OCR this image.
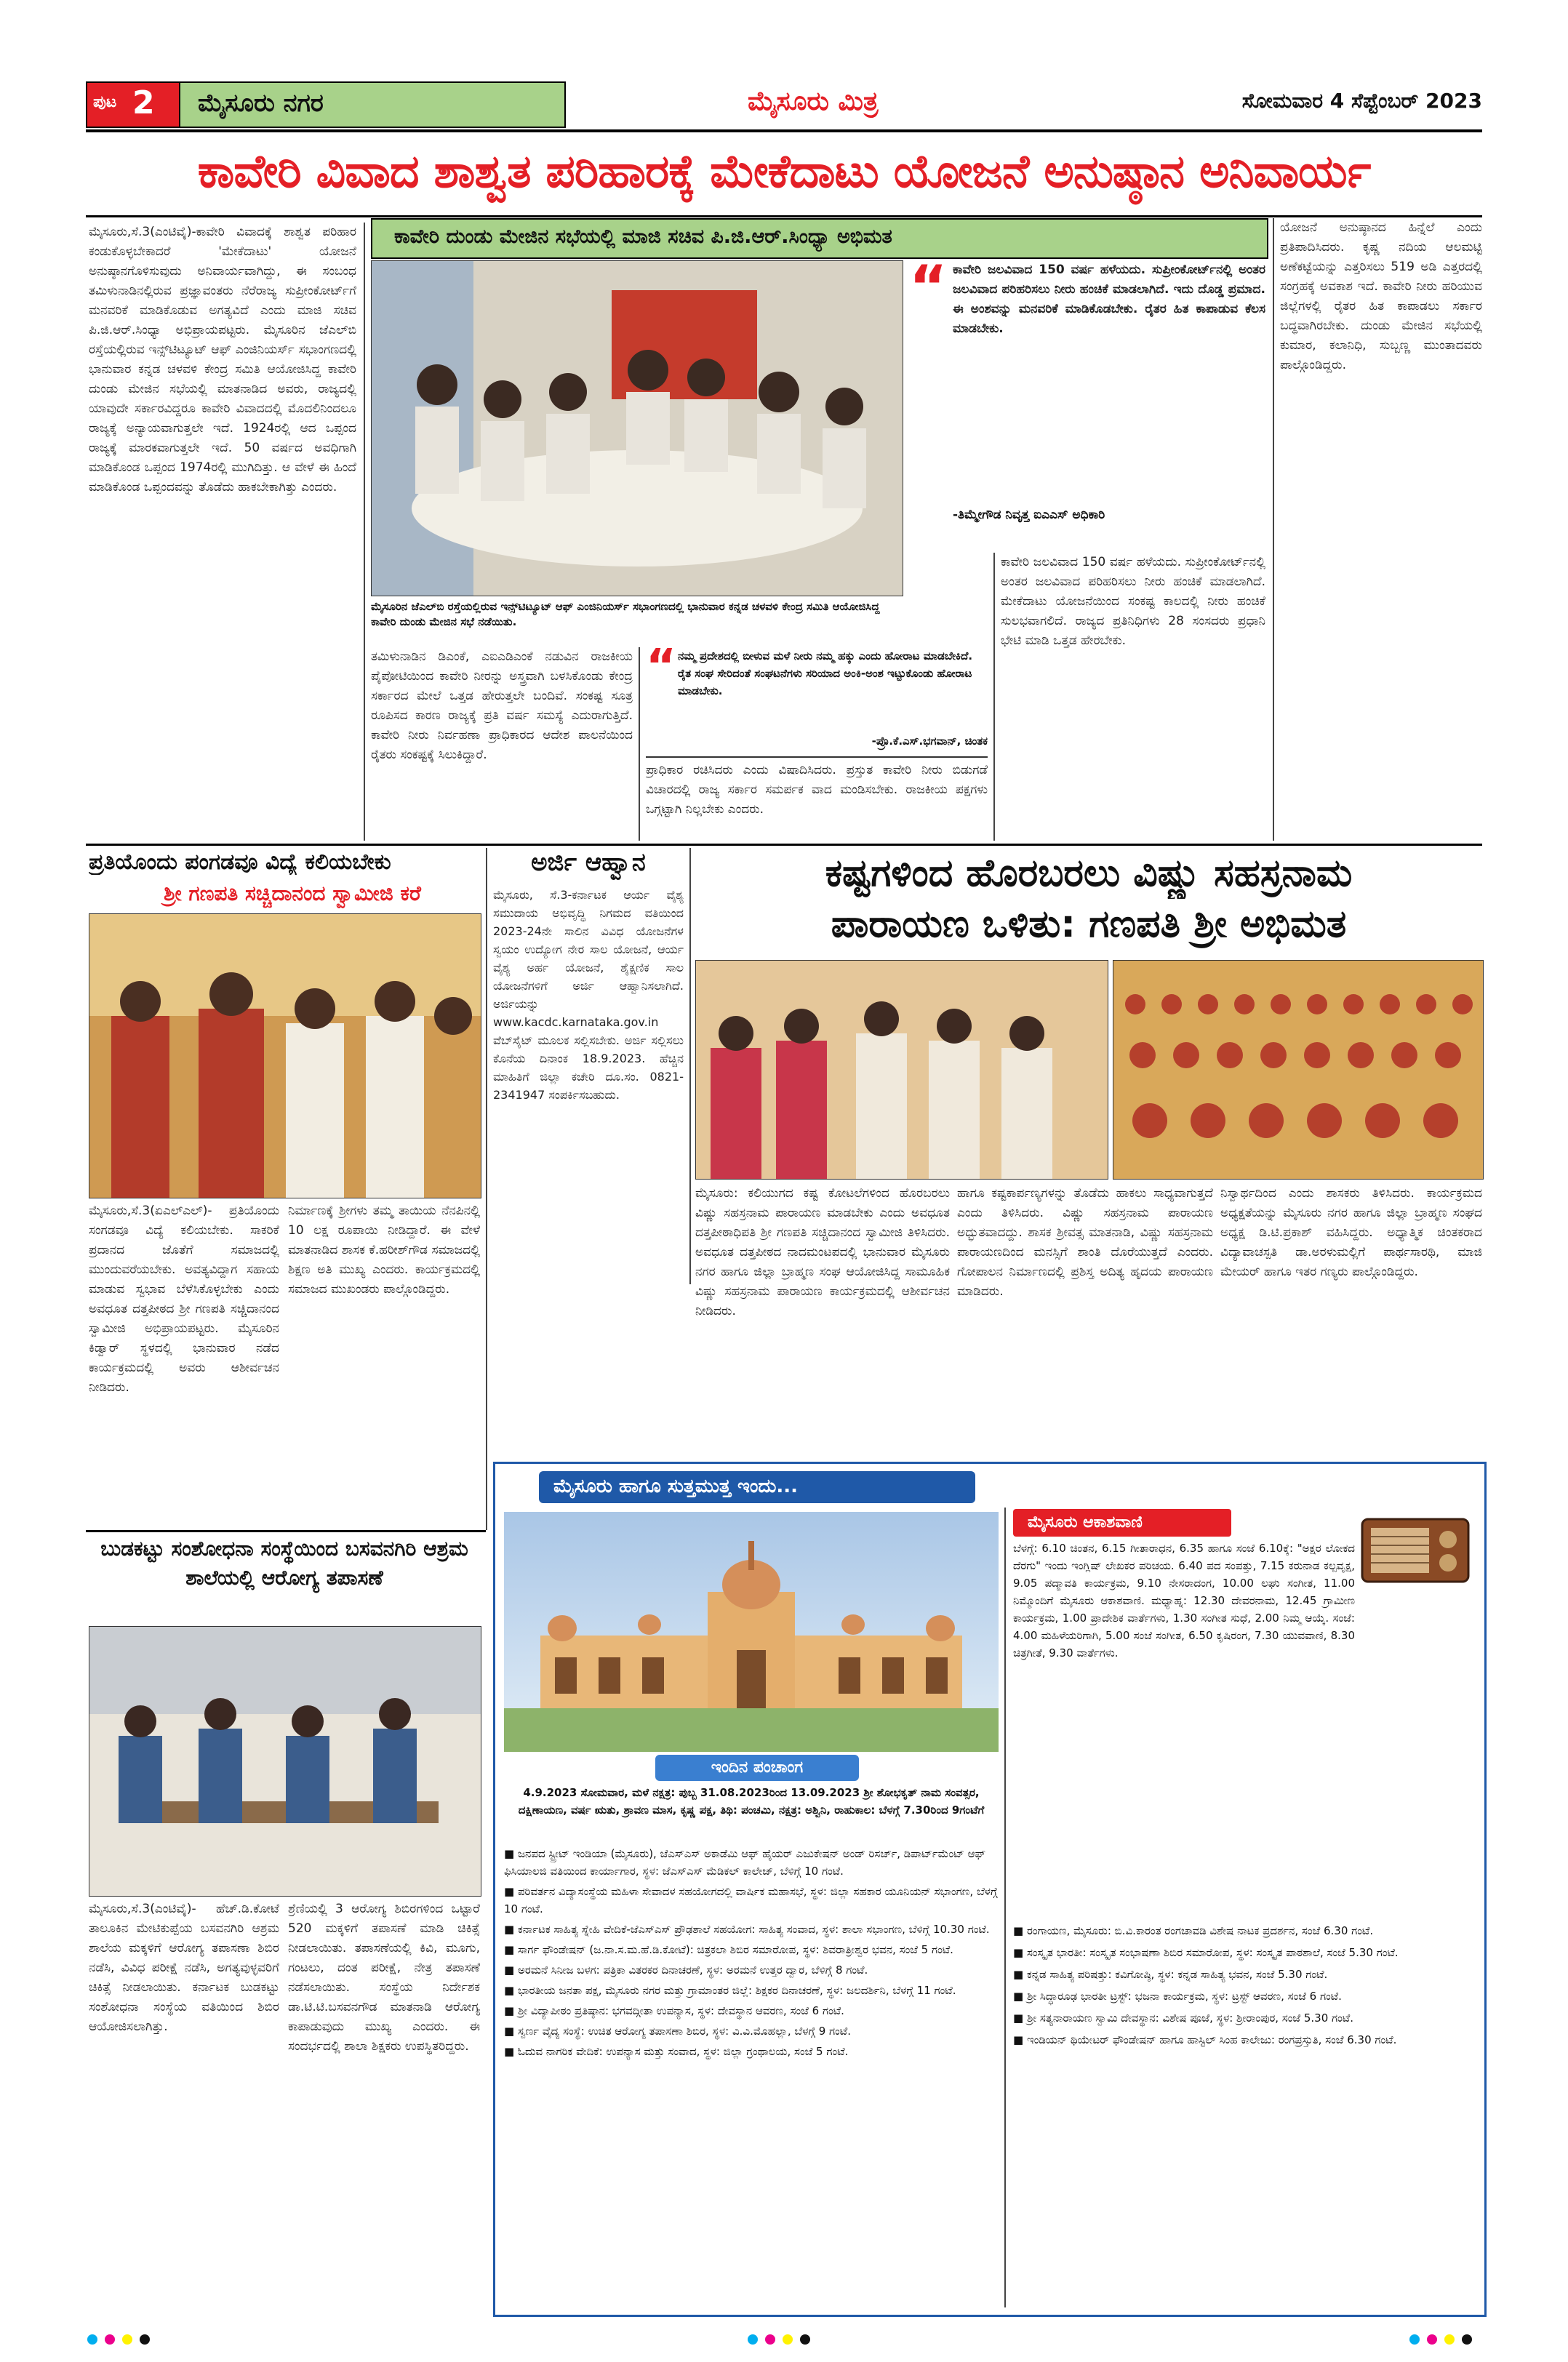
ಪುಟ 2 ಮೈಸೂರು ನಗರ	ಮೈಸೂರು ಮಿತ್ರ	ಸೋಮವಾರ 4 ಸೆಪ್ಟೆಂಬರ್ 2023
ಕಾವೇರಿ ವಿವಾದ ಶಾಶ್ವತ ಪರಿಹಾರಕ್ಕೆ ಮೇಕೆದಾಟು ಯೋಜನೆ ಅನುಷ್ಠಾನ ಅನಿವಾರ್ಯ
ಮೈಸೂರು,ಸೆ.3(ಎಂಟಿವೈ)-ಕಾವೇರಿ ವಿವಾದಕ್ಕೆ ಶಾಶ್ವತ ಪರಿಹಾರ ಕಂಡುಕೊಳ್ಳಬೇಕಾದರೆ 'ಮೇಕೆದಾಟು' ಯೋಜನೆ ಅನುಷ್ಠಾನಗೊಳಿಸುವುದು ಅನಿವಾರ್ಯವಾಗಿದ್ದು, ಈ ಸಂಬಂಧ ತಮಿಳುನಾಡಿನಲ್ಲಿರುವ ಪ್ರಜ್ಞಾವಂತರು ನೆರೆರಾಜ್ಯ ಸುಪ್ರೀಂಕೋರ್ಟ್‌ಗೆ ಮನವರಿಕೆ ಮಾಡಿಕೊಡುವ ಅಗತ್ಯವಿದೆ ಎಂದು ಮಾಜಿ ಸಚಿವ ಪಿ.ಜಿ.ಆರ್.ಸಿಂಧ್ಯಾ ಅಭಿಪ್ರಾಯಪಟ್ಟರು. ಮೈಸೂರಿನ ಜೆಎಲ್‌ಬಿ ರಸ್ತೆಯಲ್ಲಿರುವ ಇನ್ಸ್‌ಟಿಟ್ಯೂಟ್ ಆಫ್ ಎಂಜಿನಿಯರ್ಸ್ ಸಭಾಂಗಣದಲ್ಲಿ ಭಾನುವಾರ ಕನ್ನಡ ಚಳವಳಿ ಕೇಂದ್ರ ಸಮಿತಿ ಆಯೋಜಿಸಿದ್ದ ಕಾವೇರಿ ದುಂಡು ಮೇಜಿನ ಸಭೆಯಲ್ಲಿ ಮಾತನಾಡಿದ ಅವರು, ರಾಜ್ಯದಲ್ಲಿ ಯಾವುದೇ ಸರ್ಕಾರವಿದ್ದರೂ ಕಾವೇರಿ ವಿವಾದದಲ್ಲಿ ಮೊದಲಿನಿಂದಲೂ ರಾಜ್ಯಕ್ಕೆ ಅನ್ಯಾಯವಾಗುತ್ತಲೇ ಇದೆ. 1924ರಲ್ಲಿ ಆದ ಒಪ್ಪಂದ ರಾಜ್ಯಕ್ಕೆ ಮಾರಕವಾಗುತ್ತಲೇ ಇದೆ. 50 ವರ್ಷದ ಅವಧಿಗಾಗಿ ಮಾಡಿಕೊಂಡ ಒಪ್ಪಂದ 1974ರಲ್ಲಿ ಮುಗಿದಿತ್ತು. ಆ ವೇಳೆ ಈ ಹಿಂದೆ ಮಾಡಿಕೊಂಡ ಒಪ್ಪಂದವನ್ನು ತೊಡೆದು ಹಾಕಬೇಕಾಗಿತ್ತು ಎಂದರು.
ಕಾವೇರಿ ದುಂಡು ಮೇಜಿನ ಸಭೆಯಲ್ಲಿ ಮಾಜಿ ಸಚಿವ ಪಿ.ಜಿ.ಆರ್.ಸಿಂಧ್ಯಾ ಅಭಿಮತ
ಮೈಸೂರಿನ ಜೆಎಲ್‌ಬಿ ರಸ್ತೆಯಲ್ಲಿರುವ ಇನ್ಸ್‌ಟಿಟ್ಯೂಟ್ ಆಫ್ ಎಂಜಿನಿಯರ್ಸ್ ಸಭಾಂಗಣದಲ್ಲಿ ಭಾನುವಾರ ಕನ್ನಡ ಚಳವಳಿ ಕೇಂದ್ರ ಸಮಿತಿ ಆಯೋಜಿಸಿದ್ದ ಕಾವೇರಿ ದುಂಡು ಮೇಜಿನ ಸಭೆ ನಡೆಯಿತು.
“ ಕಾವೇರಿ ಜಲವಿವಾದ 150 ವರ್ಷ ಹಳೆಯದು. ಸುಪ್ರೀಂಕೋರ್ಟ್‌ನಲ್ಲಿ ಅಂತರ ಜಲವಿವಾದ ಪರಿಹರಿಸಲು ನೀರು ಹಂಚಿಕೆ ಮಾಡಲಾಗಿದೆ. ಇದು ದೊಡ್ಡ ಪ್ರಮಾದ. ಈ ಅಂಶವನ್ನು ಮನವರಿಕೆ ಮಾಡಿಕೊಡಬೇಕು. ರೈತರ ಹಿತ ಕಾಪಾಡುವ ಕೆಲಸ ಮಾಡಬೇಕು.
-ತಿಮ್ಮೇಗೌಡ ನಿವೃತ್ತ ಐಎಎಸ್ ಅಧಿಕಾರಿ
ತಮಿಳುನಾಡಿನ ಡಿಎಂಕೆ, ಎಐಎಡಿಎಂಕೆ ನಡುವಿನ ರಾಜಕೀಯ ಪೈಪೋಟಿಯಿಂದ ಕಾವೇರಿ ನೀರನ್ನು ಅಸ್ತ್ರವಾಗಿ ಬಳಸಿಕೊಂಡು ಕೇಂದ್ರ ಸರ್ಕಾರದ ಮೇಲೆ ಒತ್ತಡ ಹೇರುತ್ತಲೇ ಬಂದಿವೆ. ಸಂಕಷ್ಟ ಸೂತ್ರ ರೂಪಿಸದ ಕಾರಣ ರಾಜ್ಯಕ್ಕೆ ಪ್ರತಿ ವರ್ಷ ಸಮಸ್ಯೆ ಎದುರಾಗುತ್ತಿದೆ. ಕಾವೇರಿ ನೀರು ನಿರ್ವಹಣಾ ಪ್ರಾಧಿಕಾರದ ಆದೇಶ ಪಾಲನೆಯಿಂದ ರೈತರು ಸಂಕಷ್ಟಕ್ಕೆ ಸಿಲುಕಿದ್ದಾರೆ.
“ ನಮ್ಮ ಪ್ರದೇಶದಲ್ಲಿ ಬೀಳುವ ಮಳೆ ನೀರು ನಮ್ಮ ಹಕ್ಕು ಎಂದು ಹೋರಾಟ ಮಾಡಬೇಕಿದೆ. ರೈತ ಸಂಘ ಸೇರಿದಂತೆ ಸಂಘಟನೆಗಳು ಸರಿಯಾದ ಅಂಕಿ-ಅಂಶ ಇಟ್ಟುಕೊಂಡು ಹೋರಾಟ ಮಾಡಬೇಕು.
-ಪ್ರೊ.ಕೆ.ಎಸ್.ಭಗವಾನ್, ಚಿಂತಕ
ಪ್ರಾಧಿಕಾರ ರಚಿಸಿದರು ಎಂದು ವಿಷಾದಿಸಿದರು. ಪ್ರಸ್ತುತ ಕಾವೇರಿ ನೀರು ಬಿಡುಗಡೆ ವಿಚಾರದಲ್ಲಿ ರಾಜ್ಯ ಸರ್ಕಾರ ಸಮರ್ಪಕ ವಾದ ಮಂಡಿಸಬೇಕು. ರಾಜಕೀಯ ಪಕ್ಷಗಳು ಒಗ್ಗಟ್ಟಾಗಿ ನಿಲ್ಲಬೇಕು ಎಂದರು.
ಕಾವೇರಿ ಜಲವಿವಾದ 150 ವರ್ಷ ಹಳೆಯದು. ಸುಪ್ರೀಂಕೋರ್ಟ್‌ನಲ್ಲಿ ಅಂತರ ಜಲವಿವಾದ ಪರಿಹರಿಸಲು ನೀರು ಹಂಚಿಕೆ ಮಾಡಲಾಗಿದೆ. ಮೇಕೆದಾಟು ಯೋಜನೆಯಿಂದ ಸಂಕಷ್ಟ ಕಾಲದಲ್ಲಿ ನೀರು ಹಂಚಿಕೆ ಸುಲಭವಾಗಲಿದೆ. ರಾಜ್ಯದ ಪ್ರತಿನಿಧಿಗಳು 28 ಸಂಸದರು ಪ್ರಧಾನಿ ಭೇಟಿ ಮಾಡಿ ಒತ್ತಡ ಹೇರಬೇಕು.
ಯೋಜನೆ ಅನುಷ್ಠಾನದ ಹಿನ್ನೆಲೆ ಎಂದು ಪ್ರತಿಪಾದಿಸಿದರು. ಕೃಷ್ಣ ನದಿಯ ಆಲಮಟ್ಟಿ ಅಣೆಕಟ್ಟೆಯನ್ನು ಎತ್ತರಿಸಲು 519 ಅಡಿ ಎತ್ತರದಲ್ಲಿ ಸಂಗ್ರಹಕ್ಕೆ ಅವಕಾಶ ಇದೆ. ಕಾವೇರಿ ನೀರು ಹರಿಯುವ ಜಿಲ್ಲೆಗಳಲ್ಲಿ ರೈತರ ಹಿತ ಕಾಪಾಡಲು ಸರ್ಕಾರ ಬದ್ಧವಾಗಿರಬೇಕು. ದುಂಡು ಮೇಜಿನ ಸಭೆಯಲ್ಲಿ ಕುಮಾರ, ಕಲಾನಿಧಿ, ಸುಬ್ಬಣ್ಣ ಮುಂತಾದವರು ಪಾಲ್ಗೊಂಡಿದ್ದರು.
ಪ್ರತಿಯೊಂದು ಪಂಗಡವೂ ವಿದ್ಯೆ ಕಲಿಯಬೇಕು
ಶ್ರೀ ಗಣಪತಿ ಸಚ್ಚಿದಾನಂದ ಸ್ವಾಮೀಜಿ ಕರೆ
ಮೈಸೂರು,ಸೆ.3(ಏಎಲ್‌ಎಲ್)- ಪ್ರತಿಯೊಂದು ಸಂಗಡವೂ ವಿದ್ಯೆ ಕಲಿಯಬೇಕು. ಸಾಕರಿಕೆ ಪ್ರದಾನದ ಜೊತೆಗೆ ಸಮಾಜದಲ್ಲಿ ಮುಂದುವರೆಯಬೇಕು. ಅವತ್ಯವಿದ್ದಾಗ ಸಹಾಯ ಮಾಡುವ ಸ್ವಭಾವ ಬೆಳೆಸಿಕೊಳ್ಳಬೇಕು ಎಂದು ಅವಧೂತ ದತ್ತಪೀಠದ ಶ್ರೀ ಗಣಪತಿ ಸಚ್ಚಿದಾನಂದ ಸ್ವಾಮೀಜಿ ಅಭಿಪ್ರಾಯಪಟ್ಟರು. ಮೈಸೂರಿನ ಕಿಡ್ವಾರ್ ಸ್ಥಳದಲ್ಲಿ ಭಾನುವಾರ ನಡೆದ ಕಾರ್ಯಕ್ರಮದಲ್ಲಿ ಅವರು ಆಶೀರ್ವಚನ ನೀಡಿದರು.
ನಿರ್ಮಾಣಕ್ಕೆ ಶ್ರೀಗಳು ತಮ್ಮ ತಾಯಿಯ ನೆನಪಿನಲ್ಲಿ 10 ಲಕ್ಷ ರೂಪಾಯಿ ನೀಡಿದ್ದಾರೆ. ಈ ವೇಳೆ ಮಾತನಾಡಿದ ಶಾಸಕ ಕೆ.ಹರೀಶ್‌ಗೌಡ ಸಮಾಜದಲ್ಲಿ ಶಿಕ್ಷಣ ಅತಿ ಮುಖ್ಯ ಎಂದರು. ಕಾರ್ಯಕ್ರಮದಲ್ಲಿ ಸಮಾಜದ ಮುಖಂಡರು ಪಾಲ್ಗೊಂಡಿದ್ದರು.
ಅರ್ಜಿ ಆಹ್ವಾನ
ಮೈಸೂರು, ಸೆ.3-ಕರ್ನಾಟಕ ಆರ್ಯ ವೈಶ್ಯ ಸಮುದಾಯ ಅಭಿವೃದ್ಧಿ ನಿಗಮದ ವತಿಯಿಂದ 2023-24ನೇ ಸಾಲಿನ ವಿವಿಧ ಯೋಜನೆಗಳ ಸ್ವಯಂ ಉದ್ಯೋಗ ನೇರ ಸಾಲ ಯೋಜನೆ, ಆರ್ಯ ವೈಶ್ಯ ಅರ್ಹ ಯೋಜನೆ, ಶೈಕ್ಷಣಿಕ ಸಾಲ ಯೋಜನೆಗಳಿಗೆ ಅರ್ಜಿ ಆಹ್ವಾನಿಸಲಾಗಿದೆ. ಅರ್ಜಿಯನ್ನು www.kacdc.karnataka.gov.in ವೆಬ್‌ಸೈಟ್ ಮೂಲಕ ಸಲ್ಲಿಸಬೇಕು. ಅರ್ಜಿ ಸಲ್ಲಿಸಲು ಕೊನೆಯ ದಿನಾಂಕ 18.9.2023. ಹೆಚ್ಚಿನ ಮಾಹಿತಿಗೆ ಜಿಲ್ಲಾ ಕಚೇರಿ ದೂ.ಸಂ. 0821-2341947 ಸಂಪರ್ಕಿಸಬಹುದು.
ಕಷ್ಟಗಳಿಂದ ಹೊರಬರಲು ವಿಷ್ಣು ಸಹಸ್ರನಾಮ
ಪಾರಾಯಣ ಒಳಿತು: ಗಣಪತಿ ಶ್ರೀ ಅಭಿಮತ
ಮೈಸೂರು: ಕಲಿಯುಗದ ಕಷ್ಟ ಕೋಟಲೆಗಳಿಂದ ಹೊರಬರಲು ವಿಷ್ಣು ಸಹಸ್ರನಾಮ ಪಾರಾಯಣ ಮಾಡಬೇಕು ಎಂದು ಅವಧೂತ ದತ್ತಪೀಠಾಧಿಪತಿ ಶ್ರೀ ಗಣಪತಿ ಸಚ್ಚಿದಾನಂದ ಸ್ವಾಮೀಜಿ ತಿಳಿಸಿದರು. ಅವಧೂತ ದತ್ತಪೀಠದ ನಾದಮಂಟಪದಲ್ಲಿ ಭಾನುವಾರ ಮೈಸೂರು ನಗರ ಹಾಗೂ ಜಿಲ್ಲಾ ಬ್ರಾಹ್ಮಣ ಸಂಘ ಆಯೋಜಿಸಿದ್ದ ಸಾಮೂಹಿಕ ವಿಷ್ಣು ಸಹಸ್ರನಾಮ ಪಾರಾಯಣ ಕಾರ್ಯಕ್ರಮದಲ್ಲಿ ಆಶೀರ್ವಚನ ನೀಡಿದರು.
ಹಾಗೂ ಕಷ್ಟಕಾರ್ಪಣ್ಯಗಳನ್ನು ತೊಡೆದು ಹಾಕಲು ಸಾಧ್ಯವಾಗುತ್ತದೆ ಎಂದು ತಿಳಿಸಿದರು. ವಿಷ್ಣು ಸಹಸ್ರನಾಮ ಪಾರಾಯಣ ಅದ್ಭುತವಾದದ್ದು. ಶಾಸಕ ಶ್ರೀವತ್ಸ ಮಾತನಾಡಿ, ವಿಷ್ಣು ಸಹಸ್ರನಾಮ ಪಾರಾಯಣದಿಂದ ಮನಸ್ಸಿಗೆ ಶಾಂತಿ ದೊರೆಯುತ್ತದೆ ಎಂದರು. ಗೋಪಾಲನ ನಿರ್ಮಾಣದಲ್ಲಿ ಪ್ರಶಿಸ್ತ ಅದಿತ್ಯ ಹೃದಯ ಪಾರಾಯಣ ಮಾಡಿದರು.
ನಿಸ್ವಾರ್ಥದಿಂದ ಎಂದು ಶಾಸಕರು ತಿಳಿಸಿದರು. ಕಾರ್ಯಕ್ರಮದ ಅಧ್ಯಕ್ಷತೆಯನ್ನು ಮೈಸೂರು ನಗರ ಹಾಗೂ ಜಿಲ್ಲಾ ಬ್ರಾಹ್ಮಣ ಸಂಘದ ಅಧ್ಯಕ್ಷ ಡಿ.ಟಿ.ಪ್ರಕಾಶ್ ವಹಿಸಿದ್ದರು. ಅಧ್ಯಾತ್ಮಿಕ ಚಿಂತಕರಾದ ವಿದ್ಯಾವಾಚಸ್ಪತಿ ಡಾ.ಅರಳುಮಲ್ಲಿಗೆ ಪಾರ್ಥಸಾರಥಿ, ಮಾಜಿ ಮೇಯರ್ ಹಾಗೂ ಇತರ ಗಣ್ಯರು ಪಾಲ್ಗೊಂಡಿದ್ದರು.
ಬುಡಕಟ್ಟು ಸಂಶೋಧನಾ ಸಂಸ್ಥೆಯಿಂದ ಬಸವನಗಿರಿ ಆಶ್ರಮ ಶಾಲೆಯಲ್ಲಿ ಆರೋಗ್ಯ ತಪಾಸಣೆ
ಮೈಸೂರು,ಸೆ.3(ಎಂಟಿವೈ)- ಹೆಚ್.ಡಿ.ಕೋಟೆ ತಾಲೂಕಿನ ಮೇಟಿಕುಪ್ಪೆಯ ಬಸವನಗಿರಿ ಆಶ್ರಮ ಶಾಲೆಯ ಮಕ್ಕಳಿಗೆ ಆರೋಗ್ಯ ತಪಾಸಣಾ ಶಿಬಿರ ನಡೆಸಿ, ವಿವಿಧ ಪರೀಕ್ಷೆ ನಡೆಸಿ, ಅಗತ್ಯವುಳ್ಳವರಿಗೆ ಚಿಕಿತ್ಸೆ ನೀಡಲಾಯಿತು. ಕರ್ನಾಟಕ ಬುಡಕಟ್ಟು ಸಂಶೋಧನಾ ಸಂಸ್ಥೆಯ ವತಿಯಿಂದ ಶಿಬಿರ ಆಯೋಜಿಸಲಾಗಿತ್ತು.
ಶ್ರೆಣಿಯಲ್ಲಿ 3 ಆರೋಗ್ಯ ಶಿಬಿರಗಳಿಂದ ಒಟ್ಟಾರೆ 520 ಮಕ್ಕಳಿಗೆ ತಪಾಸಣೆ ಮಾಡಿ ಚಿಕಿತ್ಸೆ ನೀಡಲಾಯಿತು. ತಪಾಸಣೆಯಲ್ಲಿ ಕಿವಿ, ಮೂಗು, ಗಂಟಲು, ದಂತ ಪರೀಕ್ಷೆ, ನೇತ್ರ ತಪಾಸಣೆ ನಡೆಸಲಾಯಿತು. ಸಂಸ್ಥೆಯ ನಿರ್ದೇಶಕ ಡಾ.ಟಿ.ಟಿ.ಬಸವನಗೌಡ ಮಾತನಾಡಿ ಆರೋಗ್ಯ ಕಾಪಾಡುವುದು ಮುಖ್ಯ ಎಂದರು. ಈ ಸಂದರ್ಭದಲ್ಲಿ ಶಾಲಾ ಶಿಕ್ಷಕರು ಉಪಸ್ಥಿತರಿದ್ದರು.
ಮೈಸೂರು ಹಾಗೂ ಸುತ್ತಮುತ್ತ ಇಂದು...
ಇಂದಿನ ಪಂಚಾಂಗ
4.9.2023 ಸೋಮವಾರ, ಮಳೆ ನಕ್ಷತ್ರ: ಪುಬ್ಬ 31.08.2023ರಿಂದ 13.09.2023 ಶ್ರೀ ಶೋಭಕೃತ್ ನಾಮ ಸಂವತ್ಸರ, ದಕ್ಷಿಣಾಯಣ, ವರ್ಷ ಋತು, ಶ್ರಾವಣ ಮಾಸ, ಕೃಷ್ಣ ಪಕ್ಷ, ತಿಥಿ: ಪಂಚಮಿ, ನಕ್ಷತ್ರ: ಅಶ್ವಿನಿ, ರಾಹುಕಾಲ: ಬೆಳಗ್ಗೆ 7.30ರಿಂದ 9ಗಂಟೆಗೆ
■ ಜನಪದ ಸ್ಟ್ರೀಟ್ ಇಂಡಿಯಾ (ಮೈಸೂರು), ಜೆಎಸ್‌ಎಸ್ ಅಕಾಡೆಮಿ ಆಫ್ ಹೈಯರ್ ಎಜುಕೇಷನ್ ಅಂಡ್ ರಿಸರ್ಚ್, ಡಿಪಾರ್ಟ್‌ಮೆಂಟ್ ಆಫ್ ಫಿಸಿಯಾಲಜಿ ವತಿಯಿಂದ ಕಾರ್ಯಾಗಾರ, ಸ್ಥಳ: ಜೆಎಸ್‌ಎಸ್ ಮೆಡಿಕಲ್ ಕಾಲೇಜ್, ಬೆಳಿಗ್ಗೆ 10 ಗಂಟೆ.
■ ಪರಿವರ್ತನ ವಿದ್ಯಾಸಂಸ್ಥೆಯ ಮಹಿಳಾ ಸೇವಾದಳ ಸಹಯೋಗದಲ್ಲಿ ವಾರ್ಷಿಕ ಮಹಾಸಭೆ, ಸ್ಥಳ: ಜಿಲ್ಲಾ ಸಹಕಾರ ಯೂನಿಯನ್ ಸಭಾಂಗಣ, ಬೆಳಗ್ಗೆ 10 ಗಂಟೆ.
■ ಕರ್ನಾಟಕ ಸಾಹಿತ್ಯ ಸ್ನೇಹಿ ವೇದಿಕೆ-ಜೆಎಸ್‌ಎಸ್ ಪ್ರೌಢಶಾಲೆ ಸಹಯೋಗ: ಸಾಹಿತ್ಯ ಸಂವಾದ, ಸ್ಥಳ: ಶಾಲಾ ಸಭಾಂಗಣ, ಬೆಳಿಗ್ಗೆ 10.30 ಗಂಟೆ.
■ ಸಾರ್ಗ ಫೌಂಡೇಷನ್ (ಜ.ನಾ.ಸ.ಮ.ಹೆ.ಡಿ.ಕೋಟೆ): ಚಿತ್ರಕಲಾ ಶಿಬಿರ ಸಮಾರೋಪ, ಸ್ಥಳ: ಶಿವರಾತ್ರೀಶ್ವರ ಭವನ, ಸಂಜೆ 5 ಗಂಟೆ.
■ ಅರಮನೆ ಸಿನೀಜ ಬಳಗ: ಪತ್ರಿಕಾ ವಿತರಕರ ದಿನಾಚರಣೆ, ಸ್ಥಳ: ಅರಮನೆ ಉತ್ತರ ದ್ವಾರ, ಬೆಳಿಗ್ಗೆ 8 ಗಂಟೆ.
■ ಭಾರತೀಯ ಜನತಾ ಪಕ್ಷ, ಮೈಸೂರು ನಗರ ಮತ್ತು ಗ್ರಾಮಾಂತರ ಜಿಲ್ಲೆ: ಶಿಕ್ಷಕರ ದಿನಾಚರಣೆ, ಸ್ಥಳ: ಜಲದರ್ಶಿನಿ, ಬೆಳಗ್ಗೆ 11 ಗಂಟೆ.
■ ಶ್ರೀ ವಿದ್ಯಾಪೀಠಂ ಪ್ರತಿಷ್ಠಾನ: ಭಗವದ್ಗೀತಾ ಉಪನ್ಯಾಸ, ಸ್ಥಳ: ದೇವಸ್ಥಾನ ಆವರಣ, ಸಂಜೆ 6 ಗಂಟೆ.
■ ಸ್ವರ್ಣ ವೈದ್ಯ ಸಂಸ್ಥೆ: ಉಚಿತ ಆರೋಗ್ಯ ತಪಾಸಣಾ ಶಿಬಿರ, ಸ್ಥಳ: ವಿ.ವಿ.ಮೊಹಲ್ಲಾ, ಬೆಳಗ್ಗೆ 9 ಗಂಟೆ.
■ ಓದುವ ನಾಗರಿಕ ವೇದಿಕೆ: ಉಪನ್ಯಾಸ ಮತ್ತು ಸಂವಾದ, ಸ್ಥಳ: ಜಿಲ್ಲಾ ಗ್ರಂಥಾಲಯ, ಸಂಜೆ 5 ಗಂಟೆ.
ಮೈಸೂರು ಆಕಾಶವಾಣಿ
ಬೆಳಗ್ಗೆ: 6.10 ಚಿಂತನ, 6.15 ಗೀತಾರಾಧನ, 6.35 ಹಾಗೂ ಸಂಜೆ 6.10ಕ್ಕೆ: "ಅಕ್ಷರ ಲೋಕದ ದೆರಗು" ಇಂದು ಇಂಗ್ಲಿಷ್ ಲೇಖಕರ ಪರಿಚಯ. 6.40 ಪದ ಸಂಪತ್ತು, 7.15 ಕರುನಾಡ ಕಲ್ಪವೃಕ್ಷ, 9.05 ಪದ್ಮಾವತಿ ಕಾರ್ಯಕ್ರಮ, 9.10 ನೇಸರಾದಂಗ, 10.00 ಲಘು ಸಂಗೀತ, 11.00 ನಿಮ್ಮೊಂದಿಗೆ ಮೈಸೂರು ಆಕಾಶವಾಣಿ. ಮಧ್ಯಾಹ್ನ: 12.30 ದೇವರನಾಮ, 12.45 ಗ್ರಾಮೀಣ ಕಾರ್ಯಕ್ರಮ, 1.00 ಪ್ರಾದೇಶಿಕ ವಾರ್ತೆಗಳು, 1.30 ಸಂಗೀತ ಸುಧೆ, 2.00 ನಿಮ್ಮ ಆಯ್ಕೆ. ಸಂಜೆ: 4.00 ಮಹಿಳೆಯರಿಗಾಗಿ, 5.00 ಸಂಜೆ ಸಂಗೀತ, 6.50 ಕೃಷಿರಂಗ, 7.30 ಯುವವಾಣಿ, 8.30 ಚಿತ್ರಗೀತೆ, 9.30 ವಾರ್ತೆಗಳು.
■ ರಂಗಾಯಣ, ಮೈಸೂರು: ಬಿ.ವಿ.ಕಾರಂತ ರಂಗಚಾವಡಿ ವಿಶೇಷ ನಾಟಕ ಪ್ರದರ್ಶನ, ಸಂಜೆ 6.30 ಗಂಟೆ.
■ ಸಂಸ್ಕೃತ ಭಾರತೀ: ಸಂಸ್ಕೃತ ಸಂಭಾಷಣಾ ಶಿಬಿರ ಸಮಾರೋಪ, ಸ್ಥಳ: ಸಂಸ್ಕೃತ ಪಾಠಶಾಲೆ, ಸಂಜೆ 5.30 ಗಂಟೆ.
■ ಕನ್ನಡ ಸಾಹಿತ್ಯ ಪರಿಷತ್ತು: ಕವಿಗೋಷ್ಠಿ, ಸ್ಥಳ: ಕನ್ನಡ ಸಾಹಿತ್ಯ ಭವನ, ಸಂಜೆ 5.30 ಗಂಟೆ.
■ ಶ್ರೀ ಸಿದ್ಧಾರೂಢ ಭಾರತೀ ಟ್ರಸ್ಟ್: ಭಜನಾ ಕಾರ್ಯಕ್ರಮ, ಸ್ಥಳ: ಟ್ರಸ್ಟ್ ಆವರಣ, ಸಂಜೆ 6 ಗಂಟೆ.
■ ಶ್ರೀ ಸತ್ಯನಾರಾಯಣ ಸ್ವಾಮಿ ದೇವಸ್ಥಾನ: ವಿಶೇಷ ಪೂಜೆ, ಸ್ಥಳ: ಶ್ರೀರಾಂಪುರ, ಸಂಜೆ 5.30 ಗಂಟೆ.
■ ಇಂಡಿಯನ್ ಥಿಯೇಟರ್ ಫೌಂಡೇಷನ್ ಹಾಗೂ ಹಾಸ್ಟಿಲ್ ಸಿಂಹ ಕಾಲೇಜು: ರಂಗಪ್ರಸ್ತುತಿ, ಸಂಜೆ 6.30 ಗಂಟೆ.
